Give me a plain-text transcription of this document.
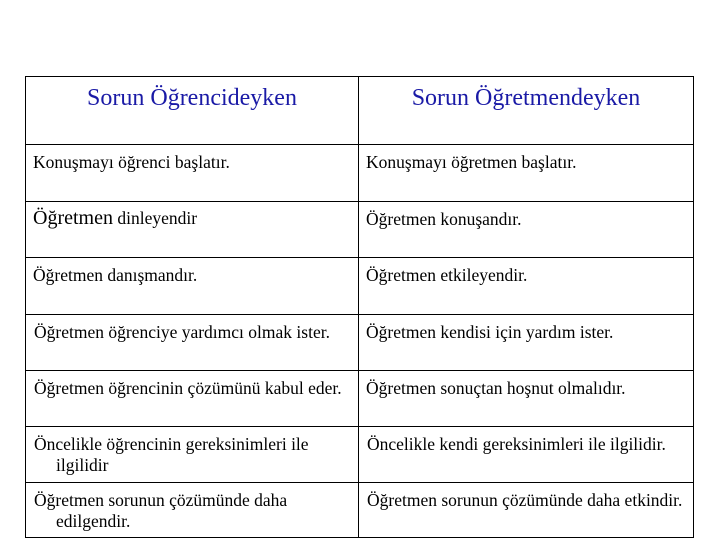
Sorun Öğrencideyken	Sorun Öğretmendeyken

Konuşmayı öğrenci başlatır.	Konuşmayı öğretmen başlatır.

Öğretmen dinleyendir	Öğretmen konuşandır.

Öğretmen danışmandır.	Öğretmen etkileyendir.

Öğretmen öğrenciye yardımcı olmak ister.	Öğretmen kendisi için yardım ister.

Öğretmen öğrencinin çözümünü kabul eder.	Öğretmen sonuçtan hoşnut olmalıdır.

Öncelikle öğrencinin gereksinimleri ile ilgilidir	Öncelikle kendi gereksinimleri ile ilgilidir.

Öğretmen sorunun çözümünde daha edilgendir.	Öğretmen sorunun çözümünde daha etkindir.
